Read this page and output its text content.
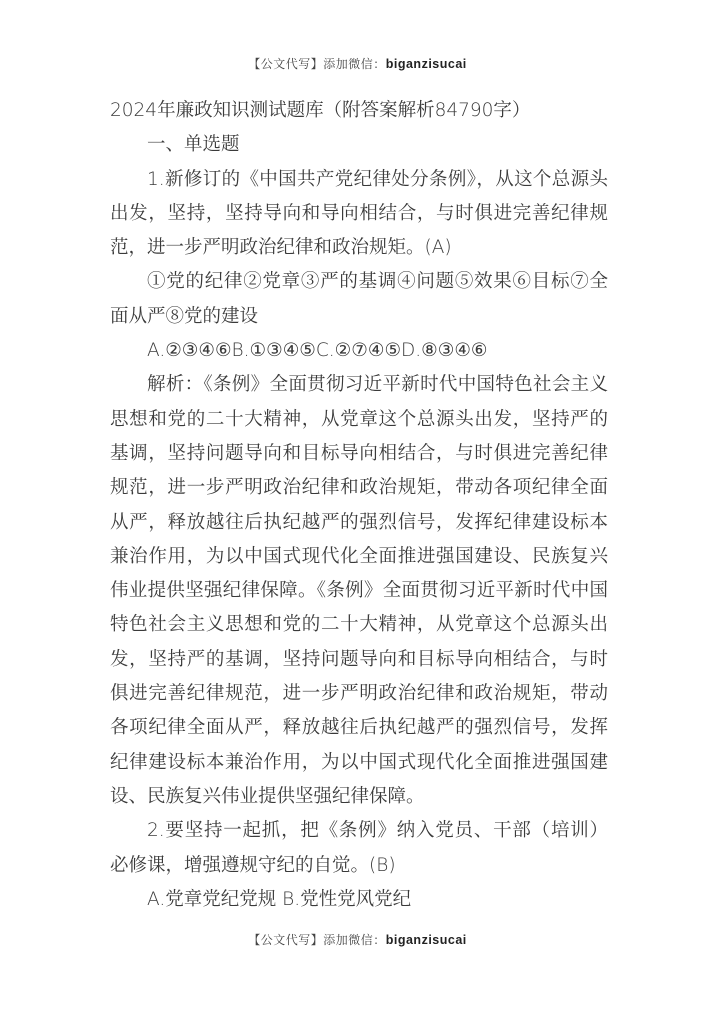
【公文代写】添加微信：biganzisucai

2024年廉政知识测试题库（附答案解析84790字）

一、单选题

1.新修订的《中国共产党纪律处分条例》，从这个总源头出发，坚持，坚持导向和导向相结合，与时俱进完善纪律规范，进一步严明政治纪律和政治规矩。(A)

①党的纪律②党章③严的基调④问题⑤效果⑥目标⑦全面从严⑧党的建设

A.②③④⑥B.①③④⑤C.②⑦④⑤D.⑧③④⑥

解析：《条例》全面贯彻习近平新时代中国特色社会主义思想和党的二十大精神，从党章这个总源头出发，坚持严的基调，坚持问题导向和目标导向相结合，与时俱进完善纪律规范，进一步严明政治纪律和政治规矩，带动各项纪律全面从严，释放越往后执纪越严的强烈信号，发挥纪律建设标本兼治作用，为以中国式现代化全面推进强国建设、民族复兴伟业提供坚强纪律保障。《条例》全面贯彻习近平新时代中国特色社会主义思想和党的二十大精神，从党章这个总源头出发，坚持严的基调，坚持问题导向和目标导向相结合，与时俱进完善纪律规范，进一步严明政治纪律和政治规矩，带动各项纪律全面从严，释放越往后执纪越严的强烈信号，发挥纪律建设标本兼治作用，为以中国式现代化全面推进强国建设、民族复兴伟业提供坚强纪律保障。

2.要坚持一起抓，把《条例》纳入党员、干部（培训）必修课，增强遵规守纪的自觉。(B)

A.党章党纪党规 B.党性党风党纪

【公文代写】添加微信：biganzisucai
